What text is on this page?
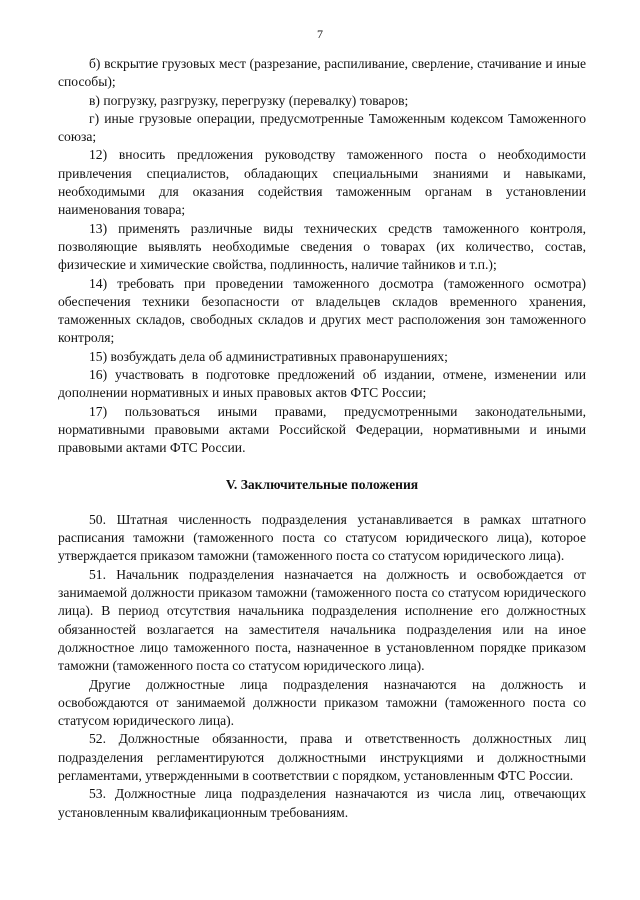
7

б) вскрытие грузовых мест (разрезание, распиливание, сверление, стачивание и иные способы);

в) погрузку, разгрузку, перегрузку (перевалку) товаров;

г) иные грузовые операции, предусмотренные Таможенным кодексом Таможенного союза;

12) вносить предложения руководству таможенного поста о необходимости привлечения специалистов, обладающих специальными знаниями и навыками, необходимыми для оказания содействия таможенным органам в установлении наименования товара;

13) применять различные виды технических средств таможенного контроля, позволяющие выявлять необходимые сведения о товарах (их количество, состав, физические и химические свойства, подлинность, наличие тайников и т.п.);

14) требовать при проведении таможенного досмотра (таможенного осмотра) обеспечения техники безопасности от владельцев складов временного хранения, таможенных складов, свободных складов и других мест расположения зон таможенного контроля;

15) возбуждать дела об административных правонарушениях;

16) участвовать в подготовке предложений об издании, отмене, изменении или дополнении нормативных и иных правовых актов ФТС России;

17) пользоваться иными правами, предусмотренными законодательными, нормативными правовыми актами Российской Федерации, нормативными и иными правовыми актами ФТС России.

V. Заключительные положения

50. Штатная численность подразделения устанавливается в рамках штатного расписания таможни (таможенного поста со статусом юридического лица), которое утверждается приказом таможни (таможенного поста со статусом юридического лица).

51. Начальник подразделения назначается на должность и освобождается от занимаемой должности приказом таможни (таможенного поста со статусом юридического лица). В период отсутствия начальника подразделения исполнение его должностных обязанностей возлагается на заместителя начальника подразделения или на иное должностное лицо таможенного поста, назначенное в установленном порядке приказом таможни (таможенного поста со статусом юридического лица).

Другие должностные лица подразделения назначаются на должность и освобождаются от занимаемой должности приказом таможни (таможенного поста со статусом юридического лица).

52. Должностные обязанности, права и ответственность должностных лиц подразделения регламентируются должностными инструкциями и должностными регламентами, утвержденными в соответствии с порядком, установленным ФТС России.

53. Должностные лица подразделения назначаются из числа лиц, отвечающих установленным квалификационным требованиям.
